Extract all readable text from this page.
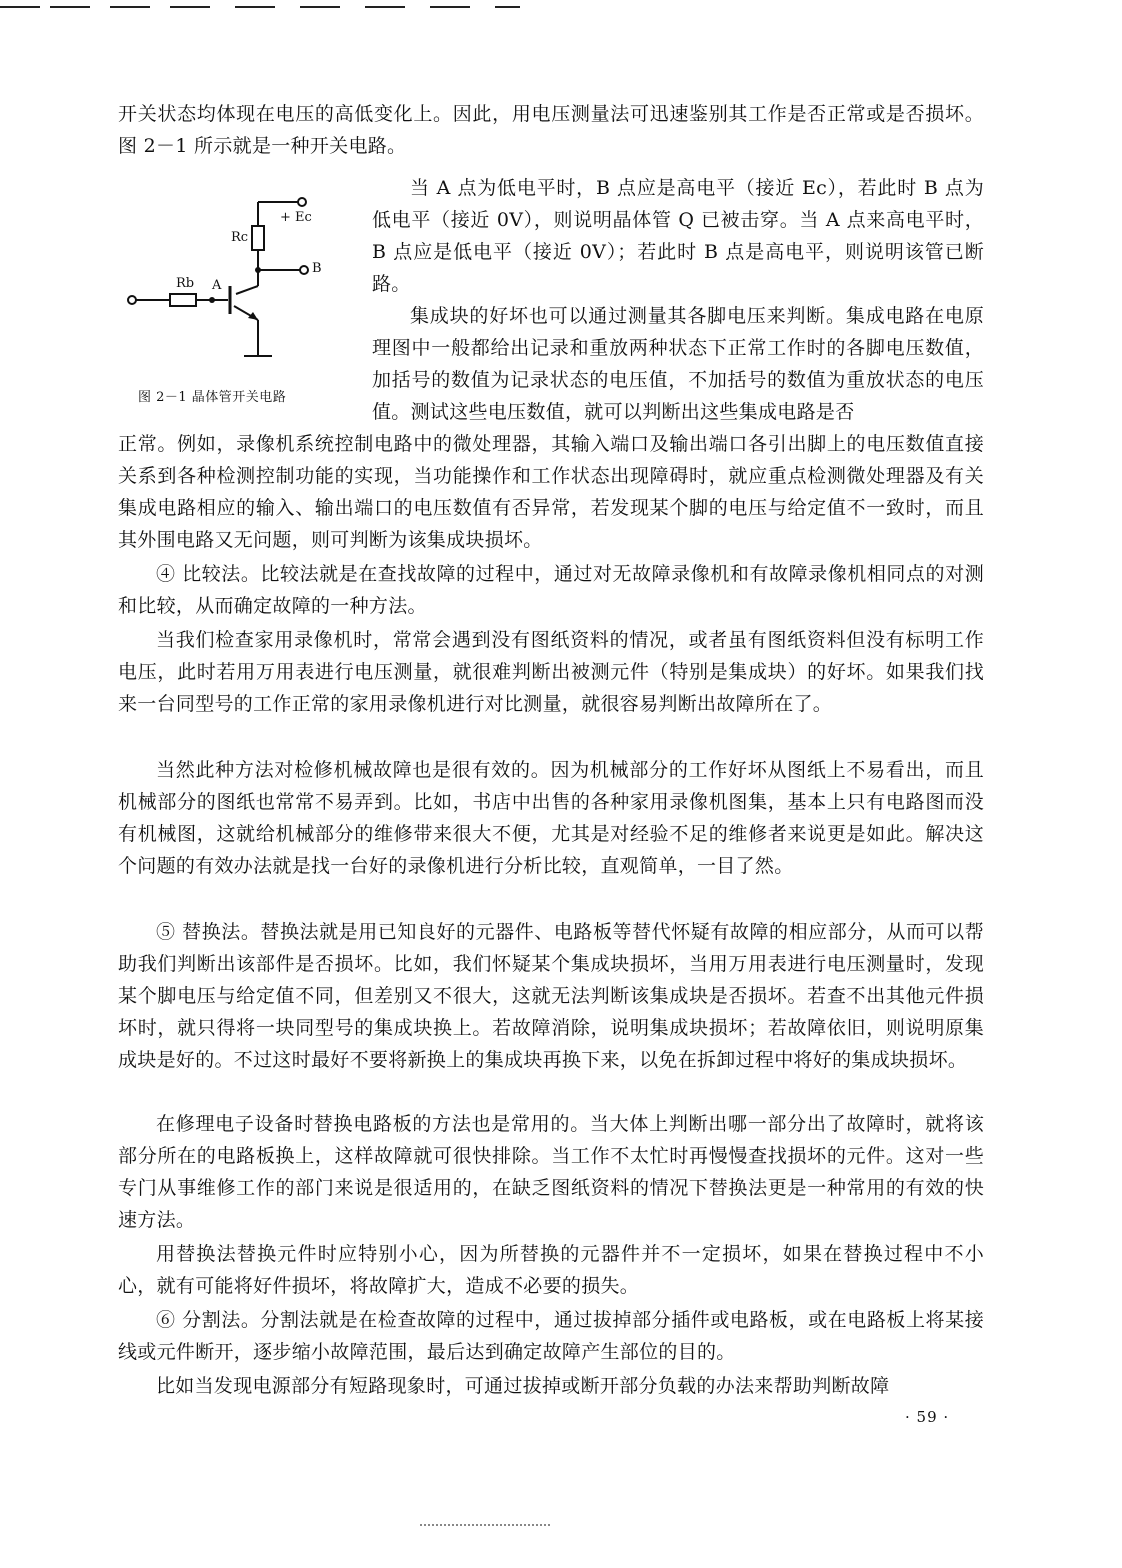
开关状态均体现在电压的高低变化上。因此，用电压测量法可迅速鉴别其工作是否正常或是否损坏。图 2－1 所示就是一种开关电路。

+ Ec
Rc
B
Rb A
图 2－1 晶体管开关电路

当 A 点为低电平时，B 点应是高电平（接近 Ec），若此时 B 点为低电平（接近 0V），则说明晶体管 Q 已被击穿。当 A 点来高电平时，B 点应是低电平（接近 0V）；若此时 B 点是高电平，则说明该管已断路。

集成块的好坏也可以通过测量其各脚电压来判断。集成电路在电原理图中一般都给出记录和重放两种状态下正常工作时的各脚电压数值，加括号的数值为记录状态的电压值，不加括号的数值为重放状态的电压值。测试这些电压数值，就可以判断出这些集成电路是否

正常。例如，录像机系统控制电路中的微处理器，其输入端口及输出端口各引出脚上的电压数值直接关系到各种检测控制功能的实现，当功能操作和工作状态出现障碍时，就应重点检测微处理器及有关集成电路相应的输入、输出端口的电压数值有否异常，若发现某个脚的电压与给定值不一致时，而且其外围电路又无问题，则可判断为该集成块损坏。

④ 比较法。比较法就是在查找故障的过程中，通过对无故障录像机和有故障录像机相同点的对测和比较，从而确定故障的一种方法。

当我们检查家用录像机时，常常会遇到没有图纸资料的情况，或者虽有图纸资料但没有标明工作电压，此时若用万用表进行电压测量，就很难判断出被测元件（特别是集成块）的好坏。如果我们找来一台同型号的工作正常的家用录像机进行对比测量，就很容易判断出故障所在了。

当然此种方法对检修机械故障也是很有效的。因为机械部分的工作好坏从图纸上不易看出，而且机械部分的图纸也常常不易弄到。比如，书店中出售的各种家用录像机图集，基本上只有电路图而没有机械图，这就给机械部分的维修带来很大不便，尤其是对经验不足的维修者来说更是如此。解决这个问题的有效办法就是找一台好的录像机进行分析比较，直观简单，一目了然。

⑤ 替换法。替换法就是用已知良好的元器件、电路板等替代怀疑有故障的相应部分，从而可以帮助我们判断出该部件是否损坏。比如，我们怀疑某个集成块损坏，当用万用表进行电压测量时，发现某个脚电压与给定值不同，但差别又不很大，这就无法判断该集成块是否损坏。若查不出其他元件损坏时，就只得将一块同型号的集成块换上。若故障消除，说明集成块损坏；若故障依旧，则说明原集成块是好的。不过这时最好不要将新换上的集成块再换下来，以免在拆卸过程中将好的集成块损坏。

在修理电子设备时替换电路板的方法也是常用的。当大体上判断出哪一部分出了故障时，就将该部分所在的电路板换上，这样故障就可很快排除。当工作不太忙时再慢慢查找损坏的元件。这对一些专门从事维修工作的部门来说是很适用的，在缺乏图纸资料的情况下替换法更是一种常用的有效的快速方法。

用替换法替换元件时应特别小心，因为所替换的元器件并不一定损坏，如果在替换过程中不小心，就有可能将好件损坏，将故障扩大，造成不必要的损失。

⑥ 分割法。分割法就是在检查故障的过程中，通过拔掉部分插件或电路板，或在电路板上将某接线或元件断开，逐步缩小故障范围，最后达到确定故障产生部位的目的。

比如当发现电源部分有短路现象时，可通过拔掉或断开部分负载的办法来帮助判断故障

· 59 ·
